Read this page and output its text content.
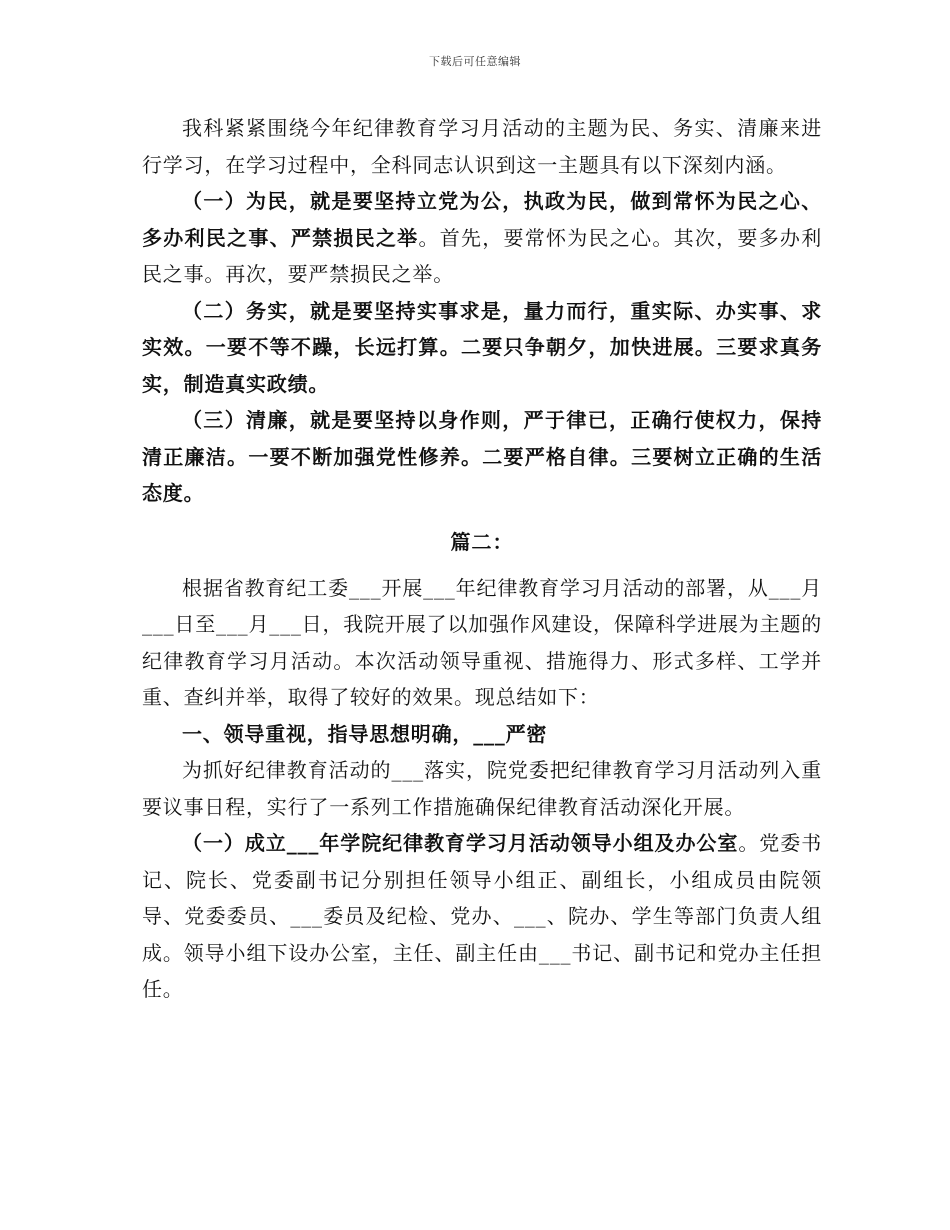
下载后可任意编辑

我科紧紧围绕今年纪律教育学习月活动的主题为民、务实、清廉来进行学习，在学习过程中，全科同志认识到这一主题具有以下深刻内涵。

（一）为民，就是要坚持立党为公，执政为民，做到常怀为民之心、多办利民之事、严禁损民之举。首先，要常怀为民之心。其次，要多办利民之事。再次，要严禁损民之举。

（二）务实，就是要坚持实事求是，量力而行，重实际、办实事、求实效。一要不等不躁，长远打算。二要只争朝夕，加快进展。三要求真务实，制造真实政绩。

（三）清廉，就是要坚持以身作则，严于律已，正确行使权力，保持清正廉洁。一要不断加强党性修养。二要严格自律。三要树立正确的生活态度。

篇二：

根据省教育纪工委___开展___年纪律教育学习月活动的部署，从___月___日至___月___日，我院开展了以加强作风建设，保障科学进展为主题的纪律教育学习月活动。本次活动领导重视、措施得力、形式多样、工学并重、查纠并举，取得了较好的效果。现总结如下：

一、领导重视，指导思想明确，___严密

为抓好纪律教育活动的___落实，院党委把纪律教育学习月活动列入重要议事日程，实行了一系列工作措施确保纪律教育活动深化开展。

（一）成立___年学院纪律教育学习月活动领导小组及办公室。党委书记、院长、党委副书记分别担任领导小组正、副组长，小组成员由院领导、党委委员、___委员及纪检、党办、___、院办、学生等部门负责人组成。领导小组下设办公室，主任、副主任由___书记、副书记和党办主任担任。
